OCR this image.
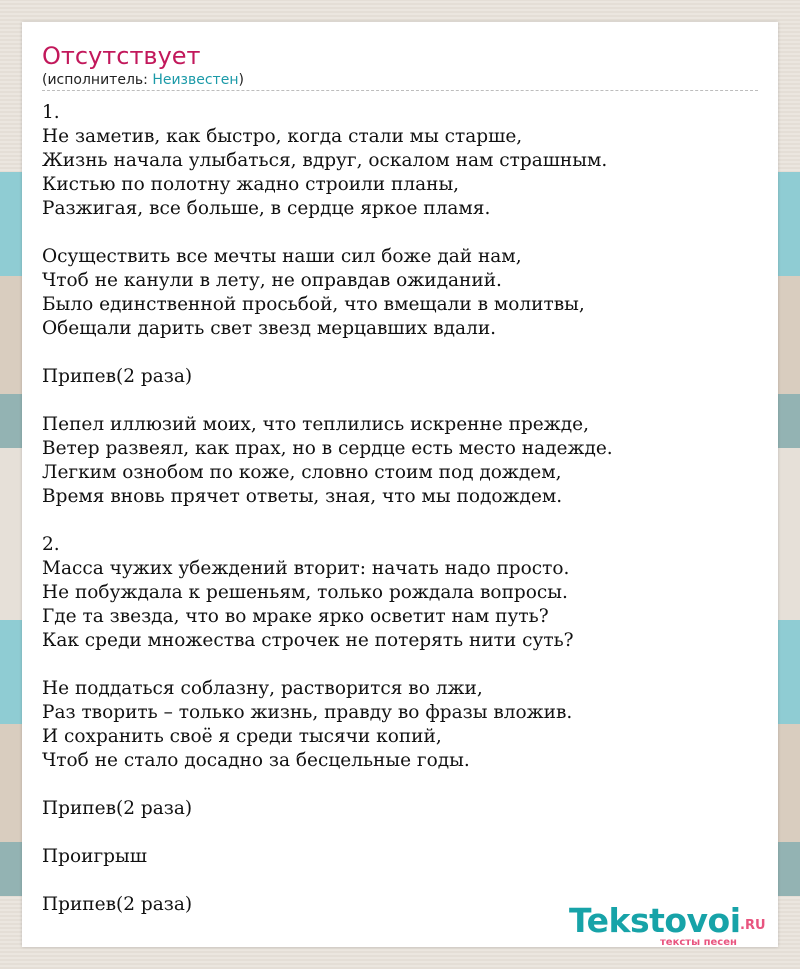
Отсутствует
(исполнитель: Неизвестен)
1.
Не заметив, как быстро, когда стали мы старше,
Жизнь начала улыбаться, вдруг, оскалом нам страшным.
Кистью по полотну жадно строили планы,
Разжигая, все больше, в сердце яркое пламя.
Осуществить все мечты наши сил боже дай нам,
Чтоб не канули в лету, не оправдав ожиданий.
Было единственной просьбой, что вмещали в молитвы,
Обещали дарить свет звезд мерцавших вдали.
Припев(2 раза)
Пепел иллюзий моих, что теплились искренне прежде,
Ветер развеял, как прах, но в сердце есть место надежде.
Легким ознобом по коже, словно стоим под дождем,
Время вновь прячет ответы, зная, что мы подождем.
2.
Масса чужих убеждений вторит: начать надо просто.
Не побуждала к решеньям, только рождала вопросы.
Где та звезда, что во мраке ярко осветит нам путь?
Как среди множества строчек не потерять нити суть?
Не поддаться соблазну, растворится во лжи,
Раз творить – только жизнь, правду во фразы вложив.
И сохранить своё я среди тысячи копий,
Чтоб не стало досадно за бесцельные годы.
Припев(2 раза)
Проигрыш
Припев(2 раза)	Tekstovoi .RU
тексты песен
